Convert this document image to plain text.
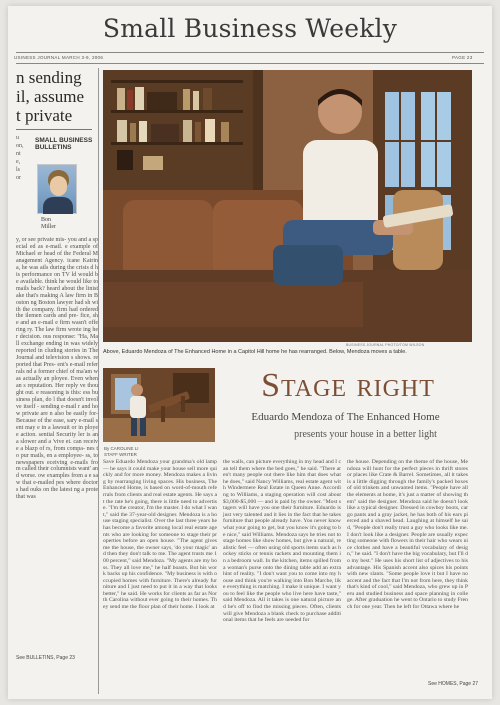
Small Business Weekly
USINESS JOURNAL MARCH 3-9, 2006	PAGE 23
n sending
il, assume
t private
u
on,
nt
e,
ls
or
SMALL BUSINESS BULLETINS
Bon
Miller
y, or see private mis- you and a special ed as e-mail. e example of Michael er head of the Federal Management Agency. icane Katrina, he was ails during the crisis d his performance on TV ld would be available. think he would like to mails back? heard about the linistake that's making A law firm in Boston ng Boston lawyer had sh with the company. firm had ordered the ilemen cards and pre- fice, she and an e-mail e firm wasn't offering ry. The law firm wrote ing her decision. ous response: "Ha, Ma ll exchange ending in was widely reported in cluding stories in The Journal and television s shows. reported that Pres- ent's e-mail referrals nd a former chief of ma'am was actually an ployee. Even when an s reputation. Her reply ve thought out. e reasoning is this: ess business plan, do l that doesn't involve itself - sending e-mail r and how private are n also be easily for- Because of the ease, sary e-mail sent may e in a lawsuit or in ployee action. sential Security ler is an a slower and a 'vive et. can receive a blazp of rs, from compa- nes to pur mails, en a employee- ss, to newspapers eceiving e-mails from called their columnists want' and worse. ow examples from a e saw that e-mailed pes where doctors had ouks on the latest ng a prote that was
See BULLETINS, Page 23
BUSINESS JOURNAL PHOTO/TOM WILSON
Above, Eduardo Mendoza of The Enhanced Home in a Capitol Hill home he has rearranged. Below, Mendoza moves a table.
Stage right
Eduardo Mendoza of The Enhanced Home
presents your house in a better light
By CAROLINE LI
STAFF WRITER
Save Eduardo Mendoza your grandma's old lamp — he says it could make your house sell more quickly and for more money. Mendoza makes a living by rearranging living spaces. His business, The Enhanced Home, is based on word-of-mouth referrals from clients and real estate agents. He says at the rate he's going, there is little need to advertise. "I'm the creator, I'm the master. I do what I want," said the 37-year-old designer. Mendoza is a house staging specialist. Over the last three years he has become a favorite among local real estate agents who are looking for someone to stage their properties before an open house. "The agent gives me the house, the owner says, 'do your magic' and then they don't talk to me. The agent trusts me 100 percent," said Mendoza. "My agents are my boss. They all love me," he half boasts. But his work backs up his confidence. "My business is with occupied homes with furniture. There's already furniture and I just need to put it in a way that looks better," he said. He works for clients as far as North Carolina without ever going to their homes. They send me the floor plan of their home. I look at
the walls, can picture everything in my head and I can tell them where the bed goes," he said. "There aren't many people out there like him that does what he does," said Nancy Williams, real estate agent with Windermere Real Estate in Queen Anne. According to Williams, a staging operation will cost about $3,000-$5,000 — and is paid by the owner. "Most stagers will have you one their furniture. Eduardo is just very talented and it lies in the fact that he takes furniture that people already have. You never know what your going to get, but you know it's going to be nice," said Williams. Mendoza says he tries not to stage homes like show homes, but give a natural, realistic feel — often using old sports items such as hockey sticks or tennis rackets and mounting them in a bedroom wall. In the kitchen, items spilled from a woman's purse onto the dining table add an extra hint of reality. "I don't want you to come into my house and think you're walking into Bon Marche, like everything is matching. I make it unique. I want you to feel like the people who live here have taste," said Mendoza. All it takes is one natural picture and he's off to find the missing pieces. Often, clients will give Mendoza a blank check to purchase additional items that he feels are needed for
the house. Depending on the theme of the house, Mendoza will hunt for the perfect pieces in thrift stores or places like Crate & Barrel. Sometimes, all it takes is a little digging through the family's packed boxes of old trinkets and unwanted items. "People have all the elements at home, it's just a matter of showing them" said the designer. Mendoza said he doesn't look like a typical designer. Dressed in cowboy boots, cargo pants and a gray jacket, he has both of his ears pierced and a shaved head. Laughing at himself he said, "People don't really trust a guy who looks like me. I don't look like a designer. People are usually expecting someone with flowers in their hair who wears nice clothes and have a beautiful vocabulary of design," he said. "I don't have the big vocabulary, but I'll do my best." He uses his short list of adjectives to his advantage. His Spanish accent also spices his points with new slants. "Some people love it but I have no accent and the fact that I'm not from here, they think that's kind of cool," said Mendoza, who grew up in Peru and studied business and space planning in college. After graduation he went to Ontario to study French for one year. Then he left for Ottawa where he
See HOMES, Page 27
